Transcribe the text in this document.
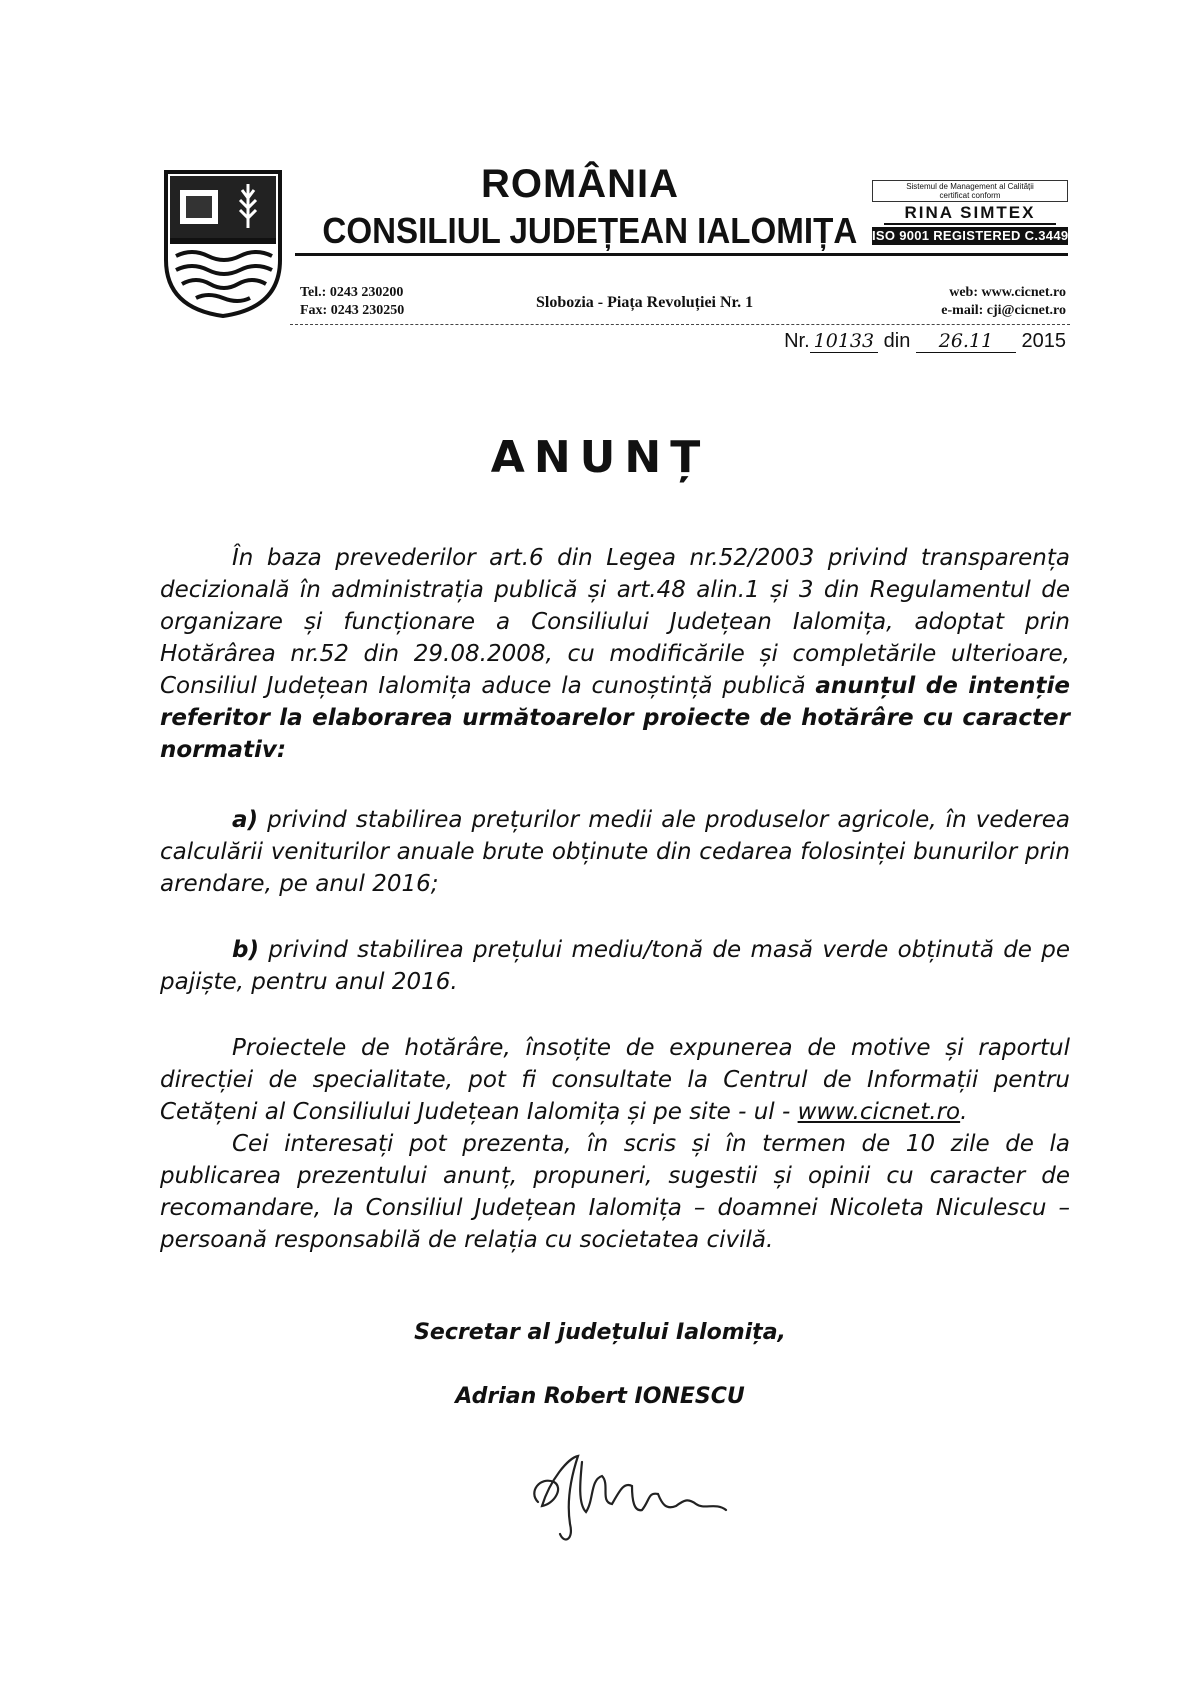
ROMÂNIA
CONSILIUL JUDEȚEAN IALOMIȚA
Sistemul de Management al Calității
certificat conform
RINA SIMTEX
ISO 9001 REGISTERED C.3449.1
Tel.: 0243 230200
Fax: 0243 230250	Slobozia - Piața Revoluției Nr. 1
web: www.cicnet.ro
e-mail: cji@cicnet.ro
Nr. 10133 din 26.11 2015
ANUNȚ
În baza prevederilor art.6 din Legea nr.52/2003 privind transparența decizională în administrația publică și art.48 alin.1 și 3 din Regulamentul de organizare și funcționare a Consiliului Județean Ialomița, adoptat prin Hotărârea nr.52 din 29.08.2008, cu modificările și completările ulterioare, Consiliul Județean Ialomița aduce la cunoștință publică anunțul de intenție referitor la elaborarea următoarelor proiecte de hotărâre cu caracter normativ:
a) privind stabilirea prețurilor medii ale produselor agricole, în vederea calculării veniturilor anuale brute obținute din cedarea folosinței bunurilor prin arendare, pe anul 2016;
b) privind stabilirea prețului mediu/tonă de masă verde obținută de pe pajiște, pentru anul 2016.
Proiectele de hotărâre, însoțite de expunerea de motive și raportul direcției de specialitate, pot fi consultate la Centrul de Informații pentru Cetățeni al Consiliului Județean Ialomița și pe site - ul - www.cicnet.ro.
Cei interesați pot prezenta, în scris și în termen de 10 zile de la publicarea prezentului anunț, propuneri, sugestii și opinii cu caracter de recomandare, la Consiliul Județean Ialomița – doamnei Nicoleta Niculescu – persoană responsabilă de relația cu societatea civilă.
Secretar al județului Ialomița,
Adrian Robert IONESCU
